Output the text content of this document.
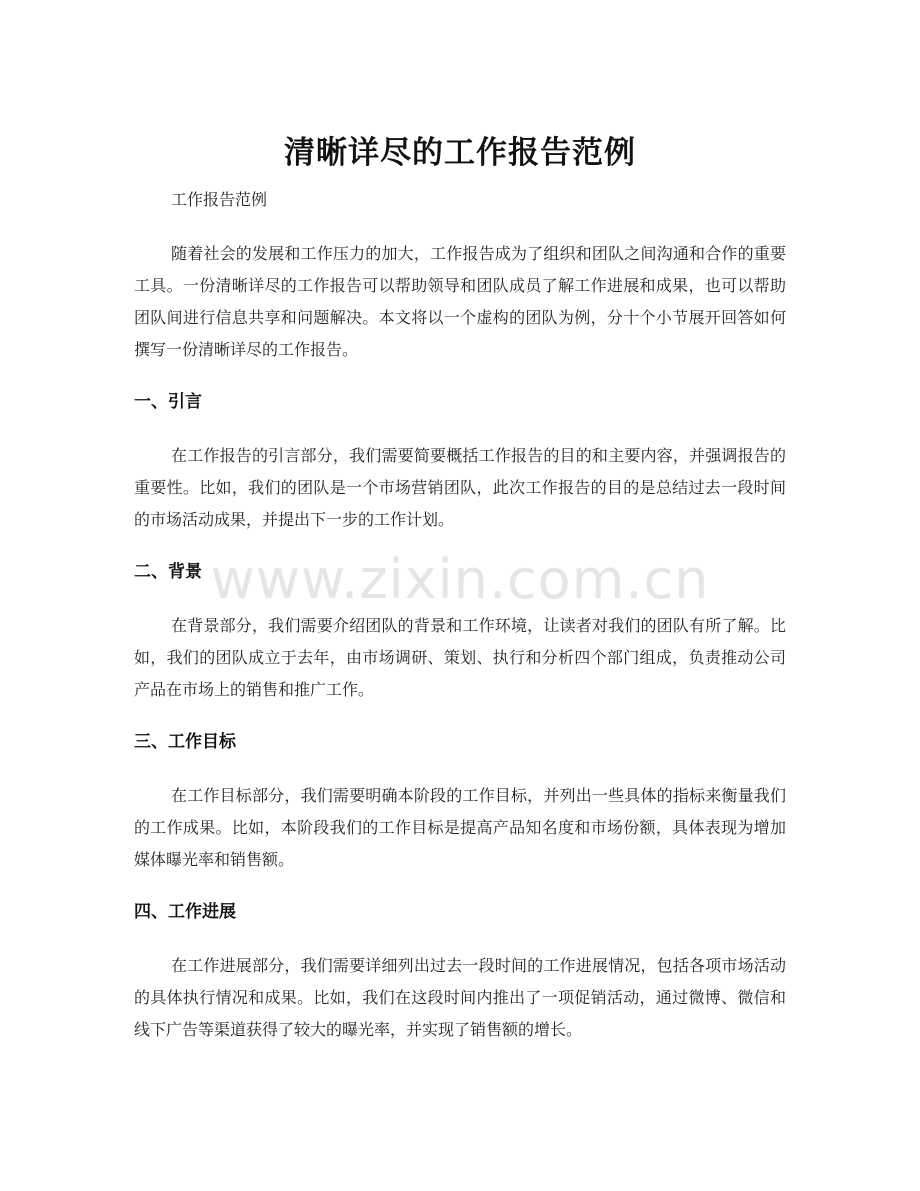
清晰详尽的工作报告范例
工作报告范例

随着社会的发展和工作压力的加大，工作报告成为了组织和团队之间沟通和合作的重要工具。一份清晰详尽的工作报告可以帮助领导和团队成员了解工作进展和成果，也可以帮助团队间进行信息共享和问题解决。本文将以一个虚构的团队为例，分十个小节展开回答如何撰写一份清晰详尽的工作报告。

一、引言

在工作报告的引言部分，我们需要简要概括工作报告的目的和主要内容，并强调报告的重要性。比如，我们的团队是一个市场营销团队，此次工作报告的目的是总结过去一段时间的市场活动成果，并提出下一步的工作计划。

二、背景

在背景部分，我们需要介绍团队的背景和工作环境，让读者对我们的团队有所了解。比如，我们的团队成立于去年，由市场调研、策划、执行和分析四个部门组成，负责推动公司产品在市场上的销售和推广工作。

三、工作目标

在工作目标部分，我们需要明确本阶段的工作目标，并列出一些具体的指标来衡量我们的工作成果。比如，本阶段我们的工作目标是提高产品知名度和市场份额，具体表现为增加媒体曝光率和销售额。

四、工作进展

在工作进展部分，我们需要详细列出过去一段时间的工作进展情况，包括各项市场活动的具体执行情况和成果。比如，我们在这段时间内推出了一项促销活动，通过微博、微信和线下广告等渠道获得了较大的曝光率，并实现了销售额的增长。

www.zixin.com.cn
